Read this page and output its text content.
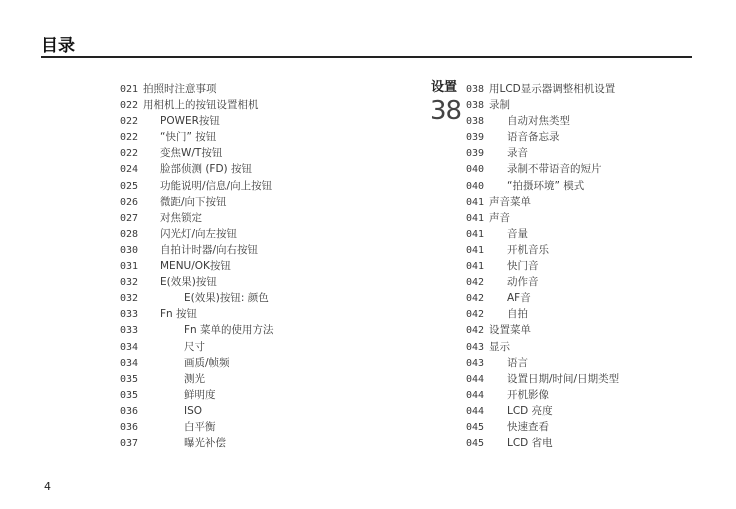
目录
021 拍照时注意事项
022 用相机上的按钮设置相机
022 POWER按钮
022 “快门” 按钮
022 变焦W/T按钮
024 脸部侦测 (FD) 按钮
025 功能说明/信息/向上按钮
026 微距/向下按钮
027 对焦锁定
028 闪光灯/向左按钮
030 自拍计时器/向右按钮
031 MENU/OK按钮
032 E(效果)按钮
032	E(效果)按钮: 颜色
033 Fn 按钮
033	Fn 菜单的使用方法
034	尺寸
034	画质/帧频
035	测光
035	鲜明度
036	ISO
036	白平衡
037	曝光补偿
设置
38
038 用LCD显示器调整相机设置
038 录制
038 自动对焦类型
039 语音备忘录
039 录音
040 录制不带语音的短片
040 “拍摄环境” 模式
041 声音菜单
041 声音
041 音量
041 开机音乐
041 快门音
042 动作音
042 AF音
042 自拍
042 设置菜单
043 显示
043 语言
044 设置日期/时间/日期类型
044 开机影像
044 LCD 亮度
045 快速查看
045 LCD 省电
4
